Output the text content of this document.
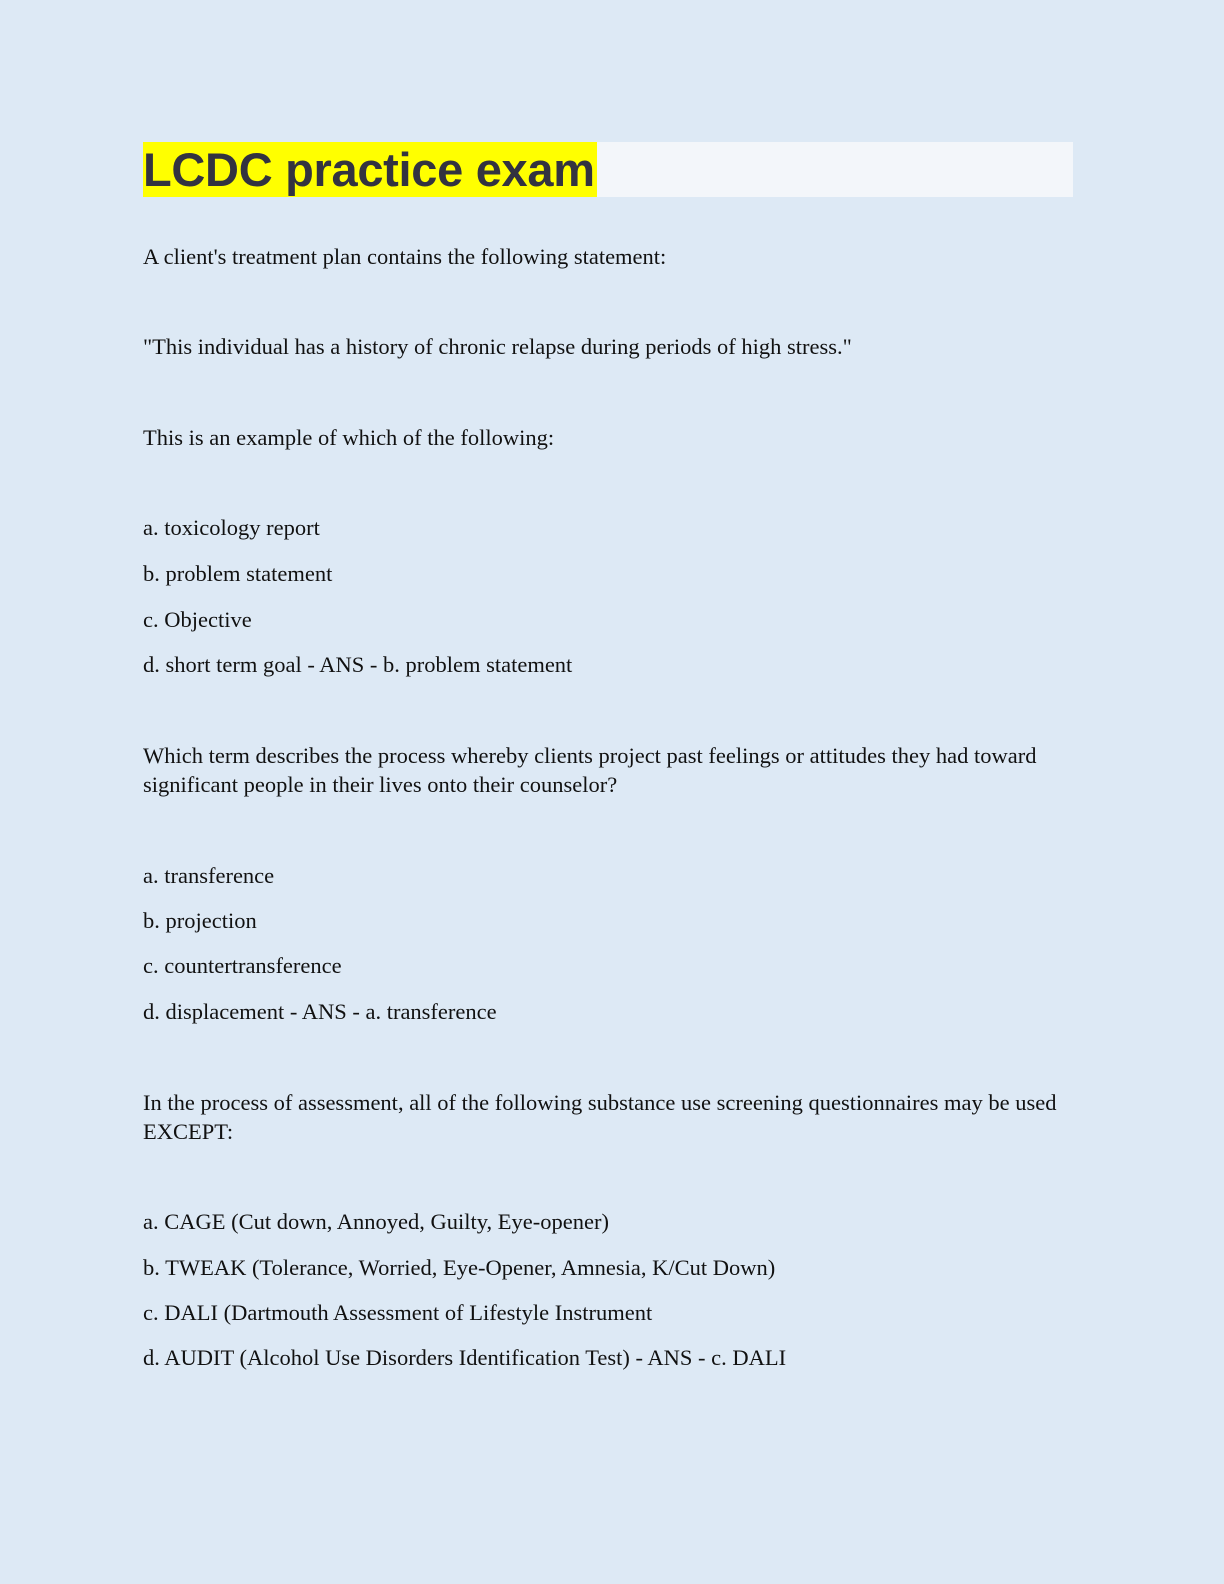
LCDC practice exam
A client's treatment plan contains the following statement:
"This individual has a history of chronic relapse during periods of high stress."
This is an example of which of the following:
a. toxicology report
b. problem statement
c. Objective
d. short term goal - ANS - b. problem statement
Which term describes the process whereby clients project past feelings or attitudes they had toward significant people in their lives onto their counselor?
a. transference
b. projection
c. countertransference
d. displacement - ANS - a. transference
In the process of assessment, all of the following substance use screening questionnaires may be used EXCEPT:
a. CAGE (Cut down, Annoyed, Guilty, Eye-opener)
b. TWEAK (Tolerance, Worried, Eye-Opener, Amnesia, K/Cut Down)
c. DALI (Dartmouth Assessment of Lifestyle Instrument
d. AUDIT (Alcohol Use Disorders Identification Test) - ANS - c. DALI
